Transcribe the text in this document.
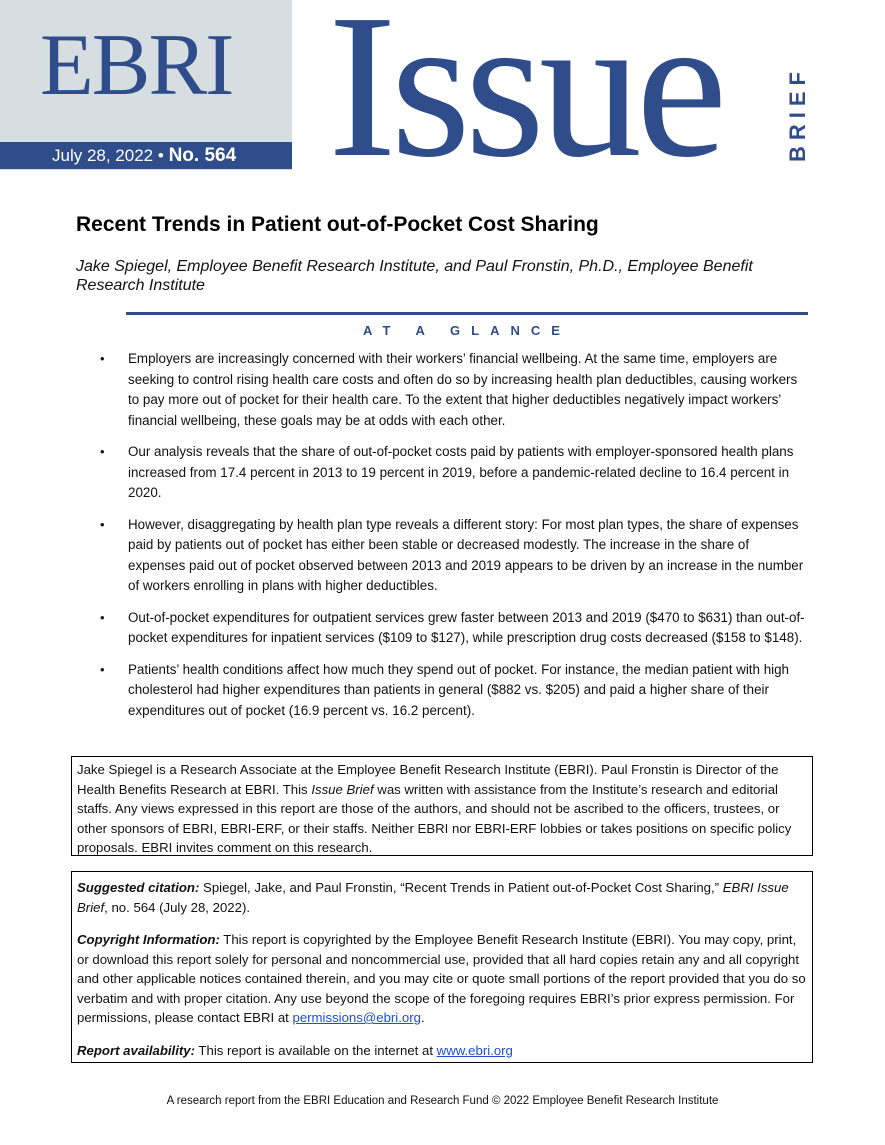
EBRI
July 28, 2022 • No. 564 Issue	BRIEF
Recent Trends in Patient out-of-Pocket Cost Sharing

Jake Spiegel, Employee Benefit Research Institute, and Paul Fronstin, Ph.D., Employee Benefit Research Institute

AT A GLANCE
• Employers are increasingly concerned with their workers’ financial wellbeing. At the same time, employers are seeking to control rising health care costs and often do so by increasing health plan deductibles, causing workers to pay more out of pocket for their health care. To the extent that higher deductibles negatively impact workers’ financial wellbeing, these goals may be at odds with each other.
• Our analysis reveals that the share of out-of-pocket costs paid by patients with employer-sponsored health plans increased from 17.4 percent in 2013 to 19 percent in 2019, before a pandemic-related decline to 16.4 percent in 2020.
• However, disaggregating by health plan type reveals a different story: For most plan types, the share of expenses paid by patients out of pocket has either been stable or decreased modestly. The increase in the share of expenses paid out of pocket observed between 2013 and 2019 appears to be driven by an increase in the number of workers enrolling in plans with higher deductibles.
• Out-of-pocket expenditures for outpatient services grew faster between 2013 and 2019 ($470 to $631) than out-of-pocket expenditures for inpatient services ($109 to $127), while prescription drug costs decreased ($158 to $148).
• Patients’ health conditions affect how much they spend out of pocket. For instance, the median patient with high cholesterol had higher expenditures than patients in general ($882 vs. $205) and paid a higher share of their expenditures out of pocket (16.9 percent vs. 16.2 percent).
Jake Spiegel is a Research Associate at the Employee Benefit Research Institute (EBRI). Paul Fronstin is Director of the Health Benefits Research at EBRI. This Issue Brief was written with assistance from the Institute’s research and editorial staffs. Any views expressed in this report are those of the authors, and should not be ascribed to the officers, trustees, or other sponsors of EBRI, EBRI-ERF, or their staffs. Neither EBRI nor EBRI-ERF lobbies or takes positions on specific policy proposals. EBRI invites comment on this research.

Suggested citation: Spiegel, Jake, and Paul Fronstin, “Recent Trends in Patient out-of-Pocket Cost Sharing,” EBRI Issue Brief, no. 564 (July 28, 2022).

Copyright Information: This report is copyrighted by the Employee Benefit Research Institute (EBRI). You may copy, print, or download this report solely for personal and noncommercial use, provided that all hard copies retain any and all copyright and other applicable notices contained therein, and you may cite or quote small portions of the report provided that you do so verbatim and with proper citation. Any use beyond the scope of the foregoing requires EBRI’s prior express permission. For permissions, please contact EBRI at permissions@ebri.org.

Report availability: This report is available on the internet at www.ebri.org

A research report from the EBRI Education and Research Fund © 2022 Employee Benefit Research Institute
